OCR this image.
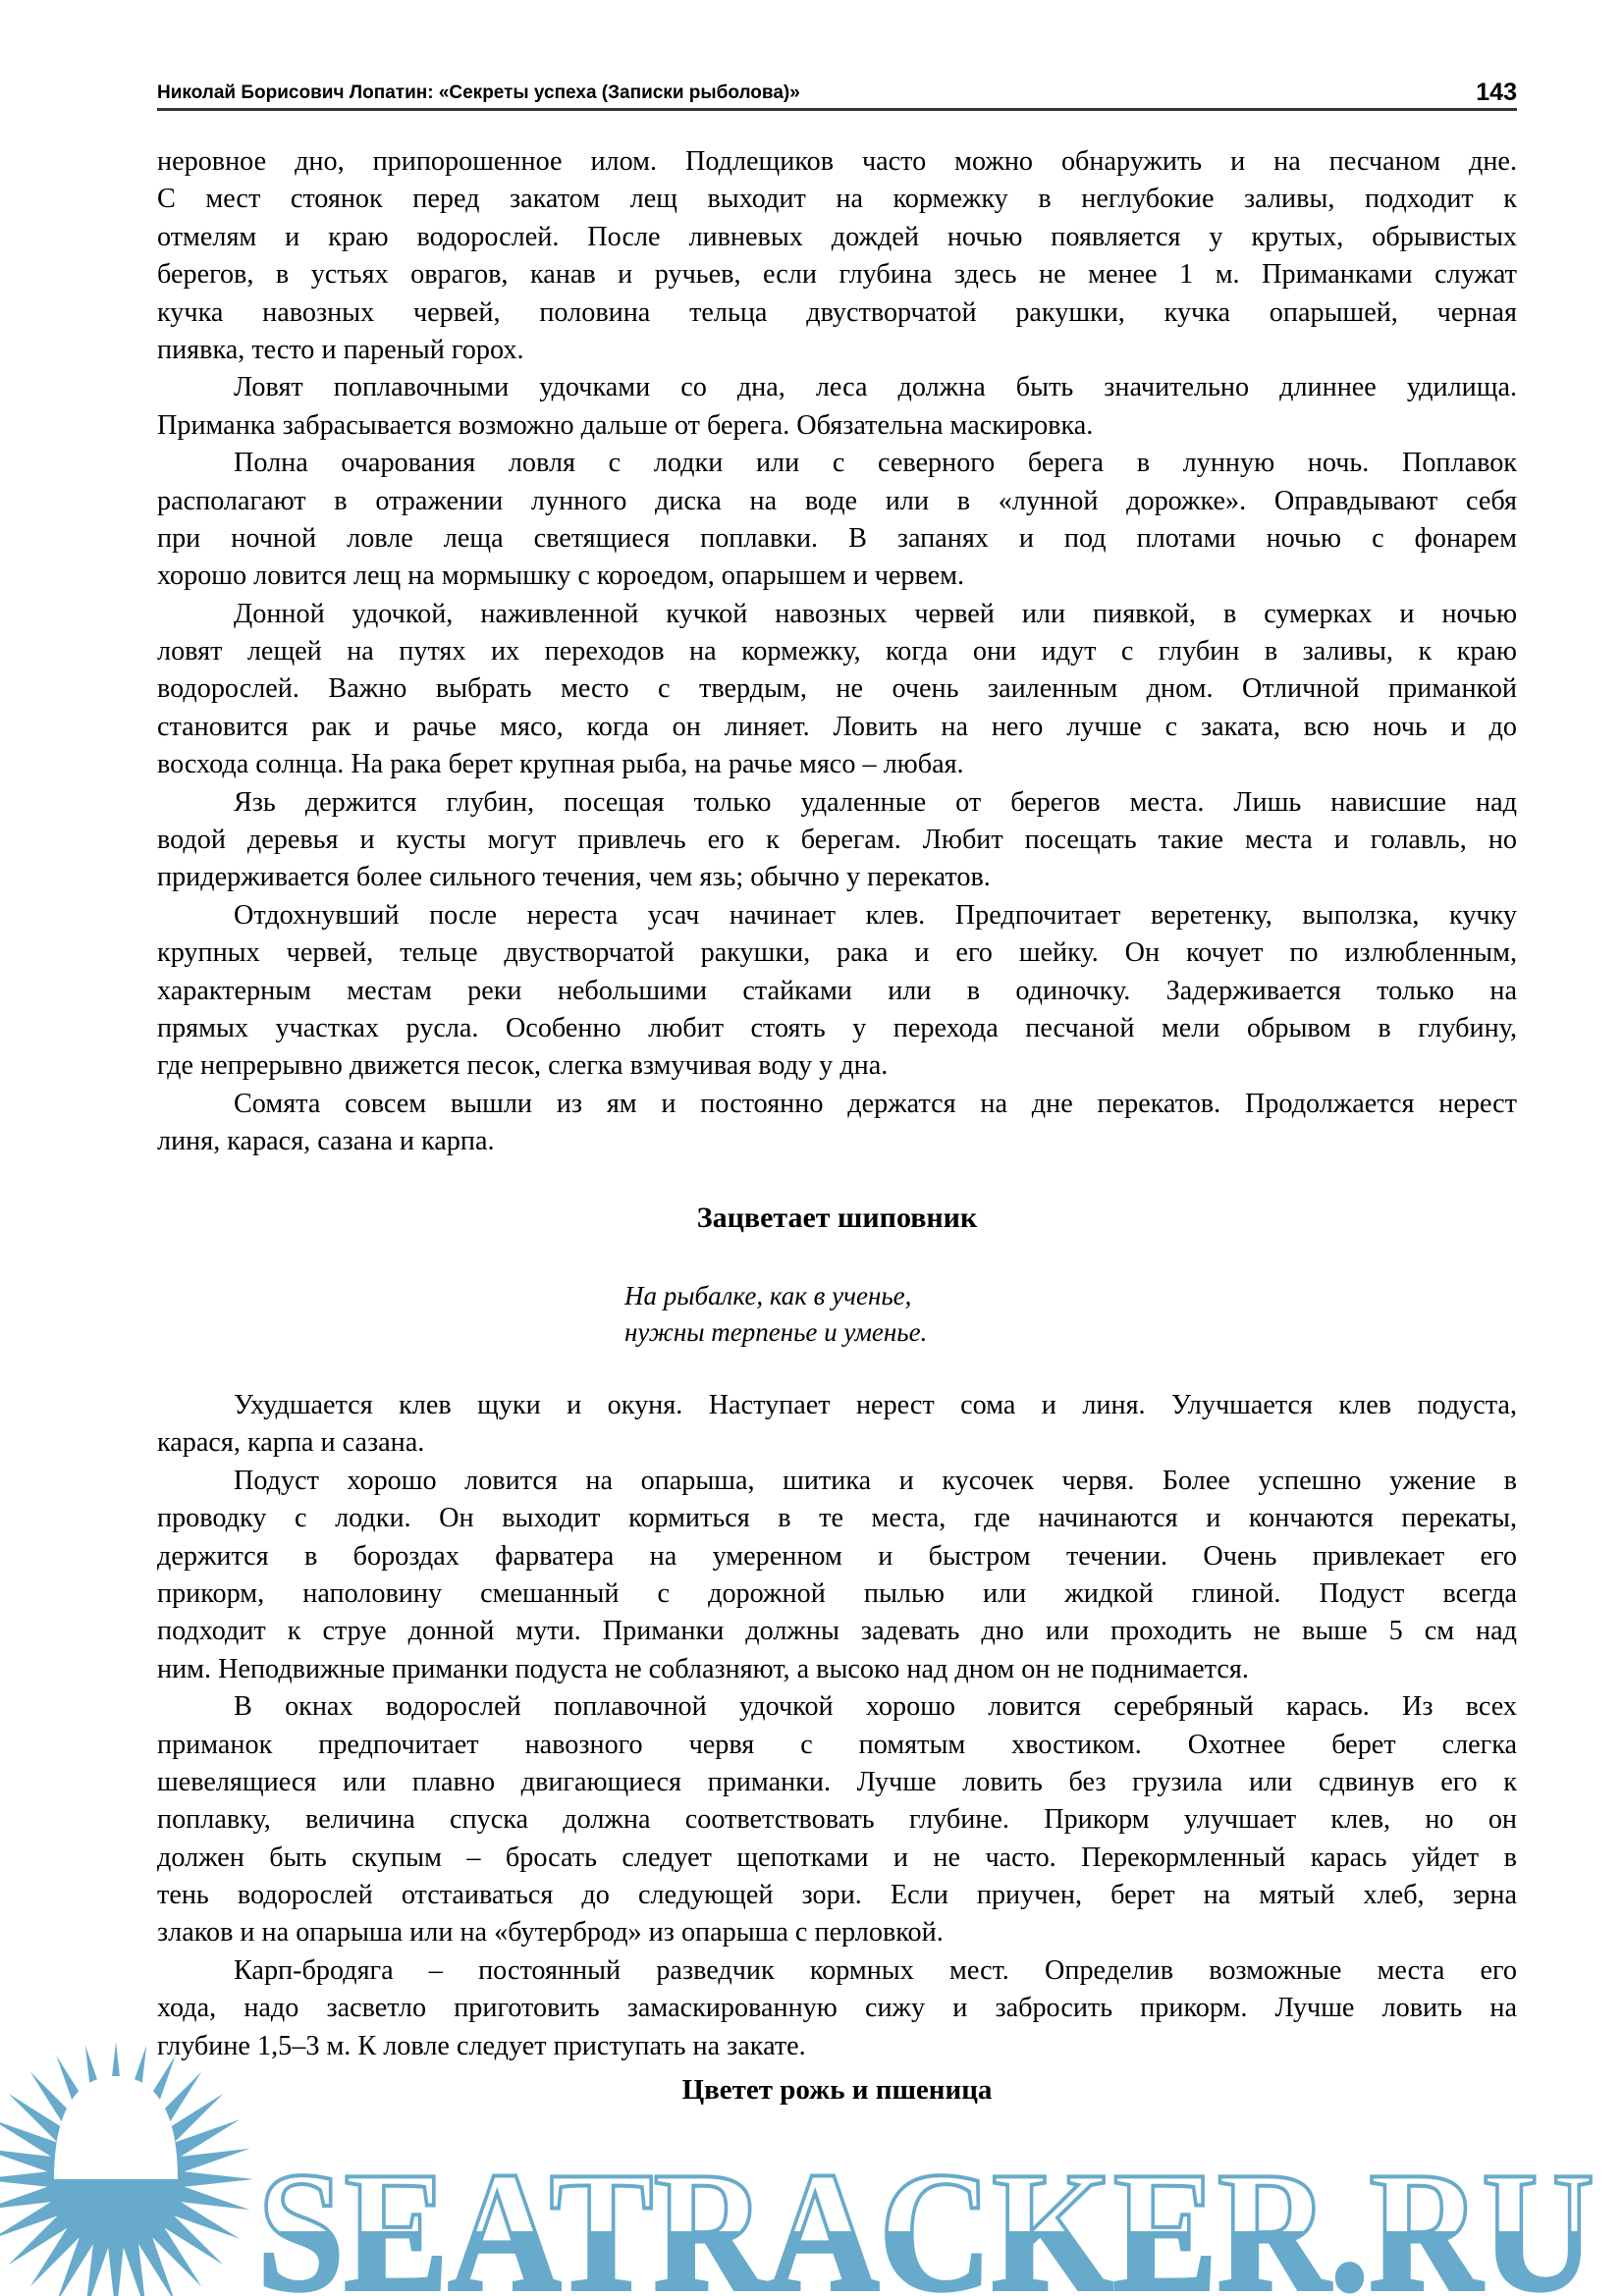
Николай Борисович Лопатин: «Секреты успеха (Записки рыболова)»	143
неровное дно, припорошенное илом. Подлещиков часто можно обнаружить и на песчаном дне.
С мест стоянок перед закатом лещ выходит на кормежку в неглубокие заливы, подходит к
отмелям и краю водорослей. После ливневых дождей ночью появляется у крутых, обрывистых
берегов, в устьях оврагов, канав и ручьев, если глубина здесь не менее 1 м. Приманками служат
кучка навозных червей, половина тельца двустворчатой ракушки, кучка опарышей, черная
пиявка, тесто и пареный горох.
Ловят поплавочными удочками со дна, леса должна быть значительно длиннее удилища.
Приманка забрасывается возможно дальше от берега. Обязательна маскировка.
Полна очарования ловля с лодки или с северного берега в лунную ночь. Поплавок
располагают в отражении лунного диска на воде или в «лунной дорожке». Оправдывают себя
при ночной ловле леща светящиеся поплавки. В запанях и под плотами ночью с фонарем
хорошо ловится лещ на мормышку с короедом, опарышем и червем.
Донной удочкой, наживленной кучкой навозных червей или пиявкой, в сумерках и ночью
ловят лещей на путях их переходов на кормежку, когда они идут с глубин в заливы, к краю
водорослей. Важно выбрать место с твердым, не очень заиленным дном. Отличной приманкой
становится рак и рачье мясо, когда он линяет. Ловить на него лучше с заката, всю ночь и до
восхода солнца. На рака берет крупная рыба, на рачье мясо – любая.
Язь держится глубин, посещая только удаленные от берегов места. Лишь нависшие над
водой деревья и кусты могут привлечь его к берегам. Любит посещать такие места и голавль, но
придерживается более сильного течения, чем язь; обычно у перекатов.
Отдохнувший после нереста усач начинает клев. Предпочитает веретенку, выползка, кучку
крупных червей, тельце двустворчатой ракушки, рака и его шейку. Он кочует по излюбленным,
характерным местам реки небольшими стайками или в одиночку. Задерживается только на
прямых участках русла. Особенно любит стоять у перехода песчаной мели обрывом в глубину,
где непрерывно движется песок, слегка взмучивая воду у дна.
Сомята совсем вышли из ям и постоянно держатся на дне перекатов. Продолжается нерест
линя, карася, сазана и карпа.
Зацветает шиповник
На рыбалке, как в ученье,
нужны терпенье и уменье.
Ухудшается клев щуки и окуня. Наступает нерест сома и линя. Улучшается клев подуста,
карася, карпа и сазана.
Подуст хорошо ловится на опарыша, шитика и кусочек червя. Более успешно ужение в
проводку с лодки. Он выходит кормиться в те места, где начинаются и кончаются перекаты,
держится в бороздах фарватера на умеренном и быстром течении. Очень привлекает его
прикорм, наполовину смешанный с дорожной пылью или жидкой глиной. Подуст всегда
подходит к струе донной мути. Приманки должны задевать дно или проходить не выше 5 см над
ним. Неподвижные приманки подуста не соблазняют, а высоко над дном он не поднимается.
В окнах водорослей поплавочной удочкой хорошо ловится серебряный карась. Из всех
приманок предпочитает навозного червя с помятым хвостиком. Охотнее берет слегка
шевелящиеся или плавно двигающиеся приманки. Лучше ловить без грузила или сдвинув его к
поплавку, величина спуска должна соответствовать глубине. Прикорм улучшает клев, но он
должен быть скупым – бросать следует щепотками и не часто. Перекормленный карась уйдет в
тень водорослей отстаиваться до следующей зори. Если приучен, берет на мятый хлеб, зерна
злаков и на опарыша или на «бутерброд» из опарыша с перловкой.
Карп-бродяга – постоянный разведчик кормных мест. Определив возможные места его
хода, надо засветло приготовить замаскированную сижу и забросить прикорм. Лучше ловить на
глубине 1,5–3 м. К ловле следует приступать на закате.
SEATRACKER.RU
Цветет рожь и пшеница
